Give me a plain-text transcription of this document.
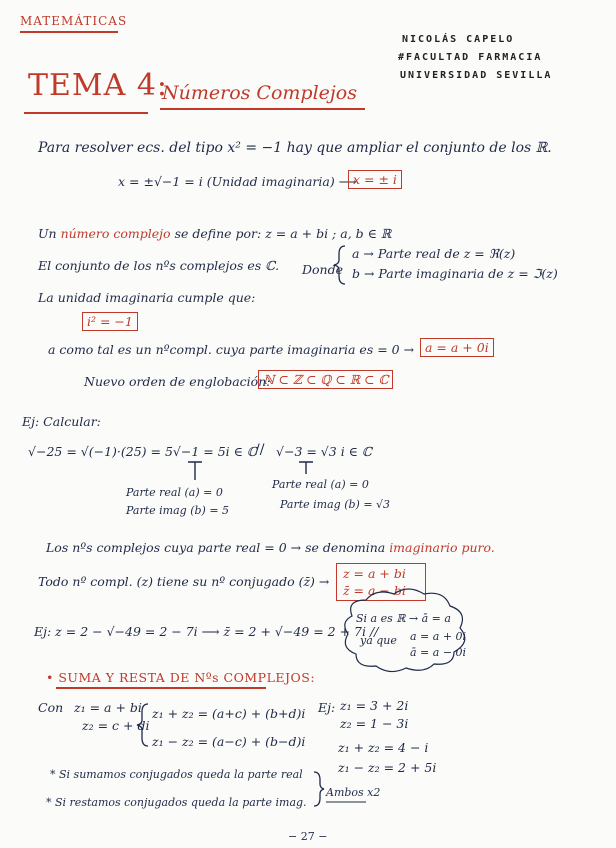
MATEMÁTICAS
NICOLÁS CAPELO
#FACULTAD FARMACIA
UNIVERSIDAD SEVILLA
TEMA 4:
Números Complejos
Para resolver ecs. del tipo x² = −1 hay que ampliar el conjunto de los ℝ.
x = ±√−1 = i (Unidad imaginaria) ⟶
x = ± i
Un número complejo se define por: z = a + bi ; a, b ∈ ℝ
El conjunto de los nºs complejos es ℂ. Donde
a → Parte real de z = ℜ(z)
b → Parte imaginaria de z = ℑ(z)
La unidad imaginaria cumple que:
i² = −1
a como tal es un nºcompl. cuya parte imaginaria es = 0 → a = a + 0i
Nuevo orden de englobación:
ℕ ⊂ ℤ ⊂ ℚ ⊂ ℝ ⊂ ℂ
Ej: Calcular:
√−25 = √(−1)·(25) = 5√−1 = 5i ∈ ℂ
// √−3 = √3 i ∈ ℂ
Parte real (a) = 0
Parte imag (b) = 5
Parte real (a) = 0
Parte imag (b) = √3
Los nºs complejos cuya parte real = 0 → se denomina imaginario puro.
Todo nº compl. (z) tiene su nº conjugado (z̄) →
z = a + bi
z̄ = a − bi
Ej: z = 2 − √−49 = 2 − 7i ⟶ z̄ = 2 + √−49 = 2 + 7i //
Si a es ℝ → ā = a
ya que a = a + 0i
ā = a − 0i
• SUMA Y RESTA DE Nºs COMPLEJOS:
Con z₁ = a + bi
z₂ = c + di
z₁ + z₂ = (a+c) + (b+d)i
z₁ − z₂ = (a−c) + (b−d)i
Ej: z₁ = 3 + 2i
z₂ = 1 − 3i
z₁ + z₂ = 4 − i
z₁ − z₂ = 2 + 5i
* Si sumamos conjugados queda la parte real
* Si restamos conjugados queda la parte imag.
Ambos x2
− 27 −
